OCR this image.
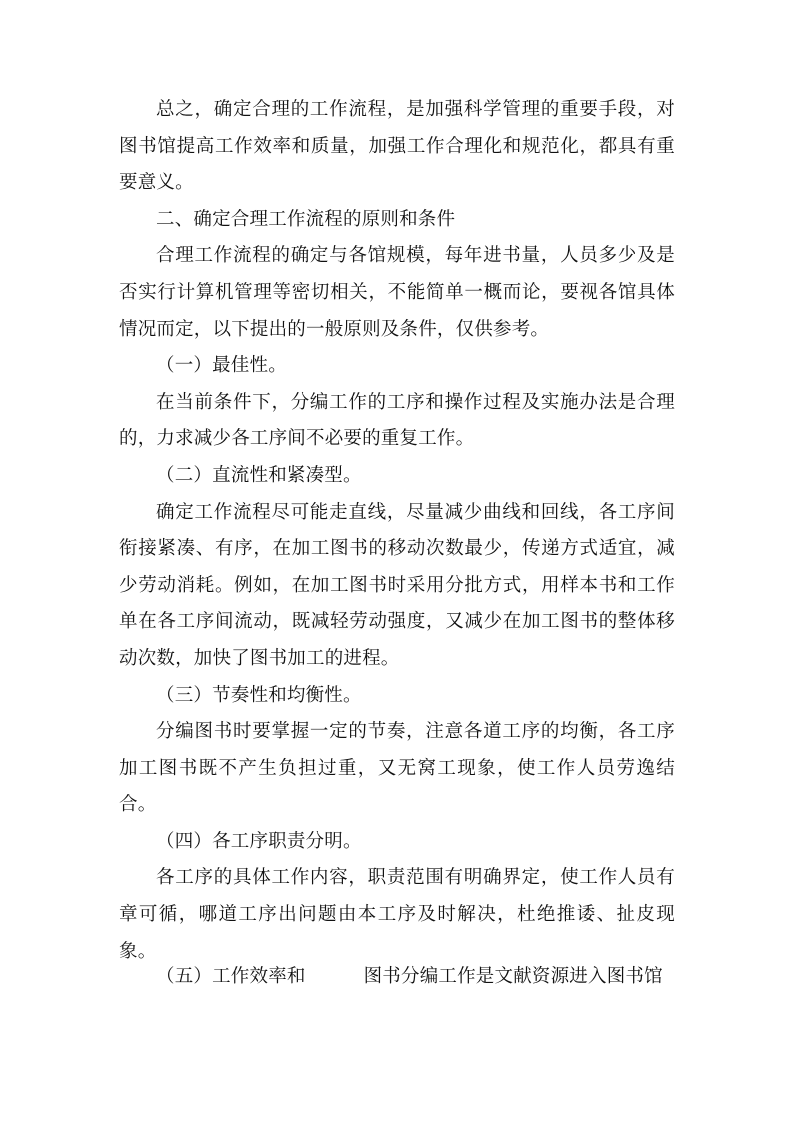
总之，确定合理的工作流程，是加强科学管理的重要手段，对图书馆提高工作效率和质量，加强工作合理化和规范化，都具有重要意义。

二、确定合理工作流程的原则和条件

合理工作流程的确定与各馆规模，每年进书量，人员多少及是否实行计算机管理等密切相关，不能简单一概而论，要视各馆具体情况而定，以下提出的一般原则及条件，仅供参考。

（一）最佳性。

在当前条件下，分编工作的工序和操作过程及实施办法是合理的，力求减少各工序间不必要的重复工作。

（二）直流性和紧凑型。

确定工作流程尽可能走直线，尽量减少曲线和回线，各工序间衔接紧凑、有序，在加工图书的移动次数最少，传递方式适宜，减少劳动消耗。例如，在加工图书时采用分批方式，用样本书和工作单在各工序间流动，既减轻劳动强度，又减少在加工图书的整体移动次数，加快了图书加工的进程。

（三）节奏性和均衡性。

分编图书时要掌握一定的节奏，注意各道工序的均衡，各工序加工图书既不产生负担过重，又无窝工现象，使工作人员劳逸结合。

（四）各工序职责分明。

各工序的具体工作内容，职责范围有明确界定，使工作人员有章可循，哪道工序出问题由本工序及时解决，杜绝推诿、扯皮现象。

（五）工作效率和	图书分编工作是文献资源进入图书馆
